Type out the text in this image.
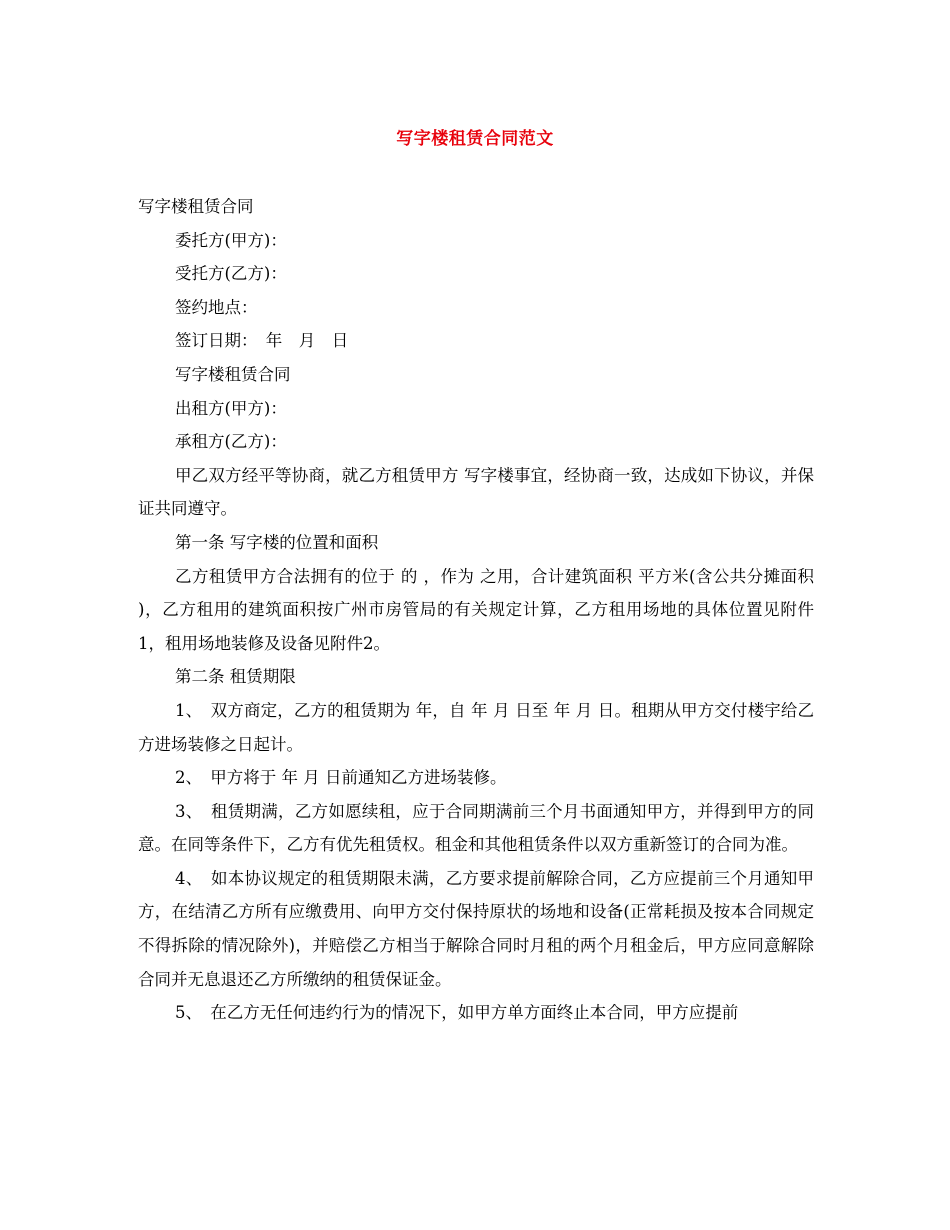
写字楼租赁合同范文

写字楼租赁合同

委托方(甲方)：

受托方(乙方)：

签约地点：

签订日期：　年　月　日

写字楼租赁合同

出租方(甲方)：

承租方(乙方)：

甲乙双方经平等协商，就乙方租赁甲方 写字楼事宜，经协商一致，达成如下协议，并保证共同遵守。

第一条 写字楼的位置和面积

乙方租赁甲方合法拥有的位于 的 ，作为 之用，合计建筑面积 平方米(含公共分摊面积 )，乙方租用的建筑面积按广州市房管局的有关规定计算，乙方租用场地的具体位置见附件1，租用场地装修及设备见附件2。

第二条 租赁期限

1、　双方商定，乙方的租赁期为 年，自 年 月 日至 年 月 日。租期从甲方交付楼宇给乙方进场装修之日起计。

2、　甲方将于 年 月 日前通知乙方进场装修。

3、　租赁期满，乙方如愿续租，应于合同期满前三个月书面通知甲方，并得到甲方的同意。在同等条件下，乙方有优先租赁权。租金和其他租赁条件以双方重新签订的合同为准。

4、　如本协议规定的租赁期限未满，乙方要求提前解除合同，乙方应提前三个月通知甲方，在结清乙方所有应缴费用、向甲方交付保持原状的场地和设备(正常耗损及按本合同规定不得拆除的情况除外)，并赔偿乙方相当于解除合同时月租的两个月租金后，甲方应同意解除合同并无息退还乙方所缴纳的租赁保证金。

5、　在乙方无任何违约行为的情况下，如甲方单方面终止本合同，甲方应提前
